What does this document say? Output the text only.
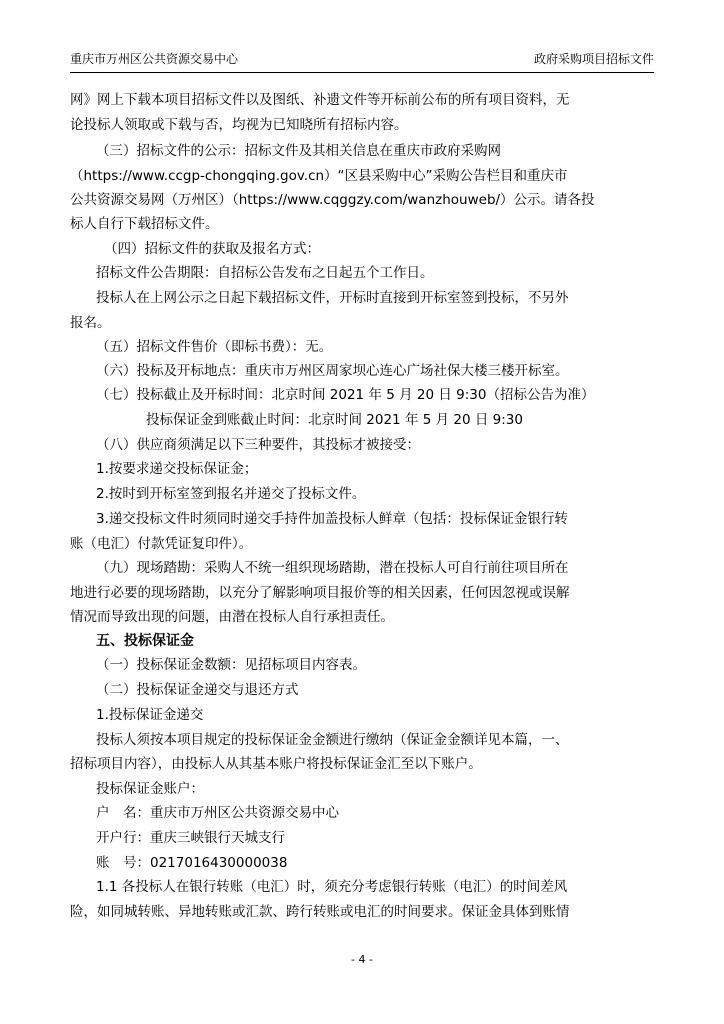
重庆市万州区公共资源交易中心	政府采购项目招标文件
网》网上下载本项目招标文件以及图纸、补遗文件等开标前公布的所有项目资料，无
论投标人领取或下载与否，均视为已知晓所有招标内容。
（三）招标文件的公示：招标文件及其相关信息在重庆市政府采购网
（https://www.ccgp-chongqing.gov.cn）“区县采购中心”采购公告栏目和重庆市
公共资源交易网（万州区）（https://www.cqggzy.com/wanzhouweb/）公示。请各投
标人自行下载招标文件。
（四）招标文件的获取及报名方式：
招标文件公告期限：自招标公告发布之日起五个工作日。
投标人在上网公示之日起下载招标文件，开标时直接到开标室签到投标，不另外
报名。
（五）招标文件售价（即标书费）：无。
（六）投标及开标地点：重庆市万州区周家坝心连心广场社保大楼三楼开标室。
（七）投标截止及开标时间：北京时间 2021 年 5 月 20 日 9:30（招标公告为准）
投标保证金到账截止时间：北京时间 2021 年 5 月 20 日 9:30
（八）供应商须满足以下三种要件，其投标才被接受：
1.按要求递交投标保证金；
2.按时到开标室签到报名并递交了投标文件。
3.递交投标文件时须同时递交手持件加盖投标人鲜章（包括：投标保证金银行转
账（电汇）付款凭证复印件）。
（九）现场踏勘：采购人不统一组织现场踏勘，潜在投标人可自行前往项目所在
地进行必要的现场踏勘，以充分了解影响项目报价等的相关因素，任何因忽视或误解
情况而导致出现的问题，由潜在投标人自行承担责任。
五、投标保证金
（一）投标保证金数额：见招标项目内容表。
（二）投标保证金递交与退还方式
1.投标保证金递交
投标人须按本项目规定的投标保证金金额进行缴纳（保证金金额详见本篇，一、
招标项目内容），由投标人从其基本账户将投标保证金汇至以下账户。
投标保证金账户：
户　名：重庆市万州区公共资源交易中心
开户行：重庆三峡银行天城支行
账　号：0217016430000038
1.1 各投标人在银行转账（电汇）时，须充分考虑银行转账（电汇）的时间差风
险，如同城转账、异地转账或汇款、跨行转账或电汇的时间要求。保证金具体到账情
- 4 -
